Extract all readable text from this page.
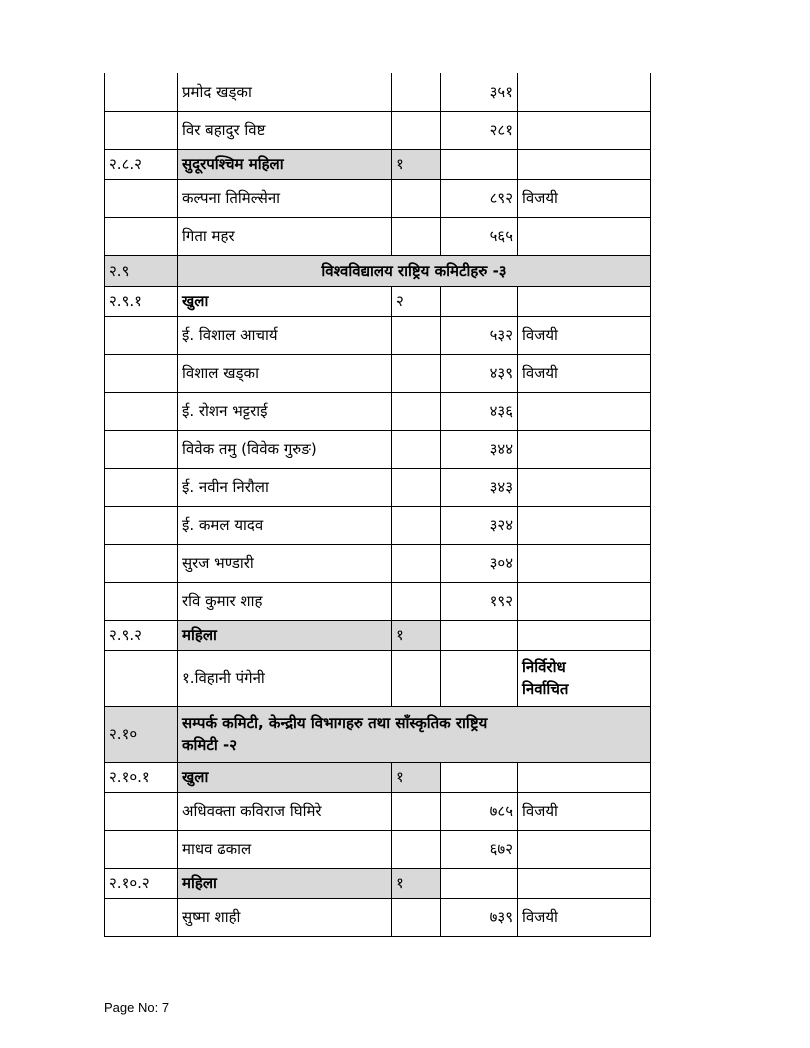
	प्रमोद खड्का		३५१	
	विर बहादुर विष्ट		२८१	
२.८.२	सुदूरपश्चिम महिला	१		
	कल्पना तिमिल्सेना		८९२	विजयी
	गिता महर		५६५	
२.९	विश्वविद्यालय राष्ट्रिय कमिटीहरु -३			
२.९.१	खुला	२		
	ई. विशाल आचार्य		५३२	विजयी
	विशाल खड्का		४३९	विजयी
	ई. रोशन भट्टराई		४३६	
	विवेक तमु (विवेक गुरुङ)		३४४	
	ई. नवीन निरौला		३४३	
	ई. कमल यादव		३२४	
	सुरज भण्डारी		३०४	
	रवि कुमार शाह		१९२	
२.९.२	महिला	१		
	१.विहानी पंगेनी			निर्विरोध
निर्वाचित

२.१०	सम्पर्क कमिटी, केन्द्रीय विभागहरु तथा साँस्कृतिक राष्ट्रिय
कमिटी -२			

२.१०.१	खुला	१		
	अधिवक्ता कविराज घिमिरे		७८५	विजयी
	माधव ढकाल		६७२	
२.१०.२	महिला	१		
	सुष्मा शाही		७३९	विजयी
Page No: 7
